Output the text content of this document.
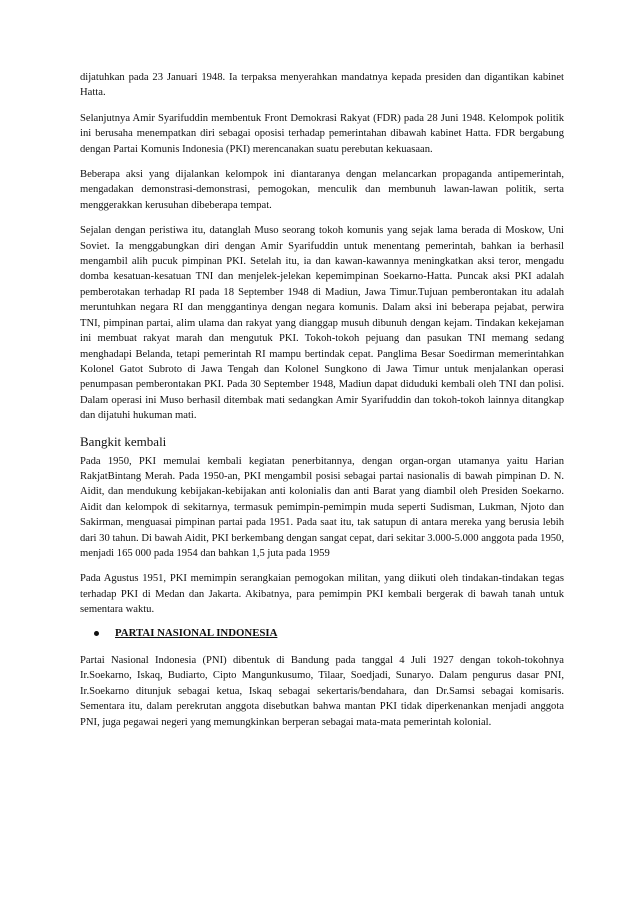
dijatuhkan pada 23 Januari 1948. Ia terpaksa menyerahkan mandatnya kepada presiden dan digantikan kabinet Hatta.

Selanjutnya Amir Syarifuddin membentuk Front Demokrasi Rakyat (FDR) pada 28 Juni 1948. Kelompok politik ini berusaha menempatkan diri sebagai oposisi terhadap pemerintahan dibawah kabinet Hatta. FDR bergabung dengan Partai Komunis Indonesia (PKI) merencanakan suatu perebutan kekuasaan.

Beberapa aksi yang dijalankan kelompok ini diantaranya dengan melancarkan propaganda antipemerintah, mengadakan demonstrasi-demonstrasi, pemogokan, menculik dan membunuh lawan-lawan politik, serta menggerakkan kerusuhan dibeberapa tempat.

Sejalan dengan peristiwa itu, datanglah Muso seorang tokoh komunis yang sejak lama berada di Moskow, Uni Soviet. Ia menggabungkan diri dengan Amir Syarifuddin untuk menentang pemerintah, bahkan ia berhasil mengambil alih pucuk pimpinan PKI. Setelah itu, ia dan kawan-kawannya meningkatkan aksi teror, mengadu domba kesatuan-kesatuan TNI dan menjelek-jelekan kepemimpinan Soekarno-Hatta. Puncak aksi PKI adalah pemberotakan terhadap RI pada 18 September 1948 di Madiun, Jawa Timur.Tujuan pemberontakan itu adalah meruntuhkan negara RI dan menggantinya dengan negara komunis. Dalam aksi ini beberapa pejabat, perwira TNI, pimpinan partai, alim ulama dan rakyat yang dianggap musuh dibunuh dengan kejam. Tindakan kekejaman ini membuat rakyat marah dan mengutuk PKI. Tokoh-tokoh pejuang dan pasukan TNI memang sedang menghadapi Belanda, tetapi pemerintah RI mampu bertindak cepat. Panglima Besar Soedirman memerintahkan Kolonel Gatot Subroto di Jawa Tengah dan Kolonel Sungkono di Jawa Timur untuk menjalankan operasi penumpasan pemberontakan PKI. Pada 30 September 1948, Madiun dapat diduduki kembali oleh TNI dan polisi. Dalam operasi ini Muso berhasil ditembak mati sedangkan Amir Syarifuddin dan tokoh-tokoh lainnya ditangkap dan dijatuhi hukuman mati.

Bangkit kembali

Pada 1950, PKI memulai kembali kegiatan penerbitannya, dengan organ-organ utamanya yaitu Harian RakjatBintang Merah. Pada 1950-an, PKI mengambil posisi sebagai partai nasionalis di bawah pimpinan D. N. Aidit, dan mendukung kebijakan-kebijakan anti kolonialis dan anti Barat yang diambil oleh Presiden Soekarno. Aidit dan kelompok di sekitarnya, termasuk pemimpin-pemimpin muda seperti Sudisman, Lukman, Njoto dan Sakirman, menguasai pimpinan partai pada 1951. Pada saat itu, tak satupun di antara mereka yang berusia lebih dari 30 tahun. Di bawah Aidit, PKI berkembang dengan sangat cepat, dari sekitar 3.000-5.000 anggota pada 1950, menjadi 165 000 pada 1954 dan bahkan 1,5 juta pada 1959

Pada Agustus 1951, PKI memimpin serangkaian pemogokan militan, yang diikuti oleh tindakan-tindakan tegas terhadap PKI di Medan dan Jakarta. Akibatnya, para pemimpin PKI kembali bergerak di bawah tanah untuk sementara waktu.

PARTAI NASIONAL INDONESIA

Partai Nasional Indonesia (PNI) dibentuk di Bandung pada tanggal 4 Juli 1927 dengan tokoh-tokohnya Ir.Soekarno, Iskaq, Budiarto, Cipto Mangunkusumo, Tilaar, Soedjadi, Sunaryo. Dalam pengurus dasar PNI, Ir.Soekarno ditunjuk sebagai ketua, Iskaq sebagai sekertaris/bendahara, dan Dr.Samsi sebagai komisaris. Sementara itu, dalam perekrutan anggota disebutkan bahwa mantan PKI tidak diperkenankan menjadi anggota PNI, juga pegawai negeri yang memungkinkan berperan sebagai mata-mata pemerintah kolonial.
